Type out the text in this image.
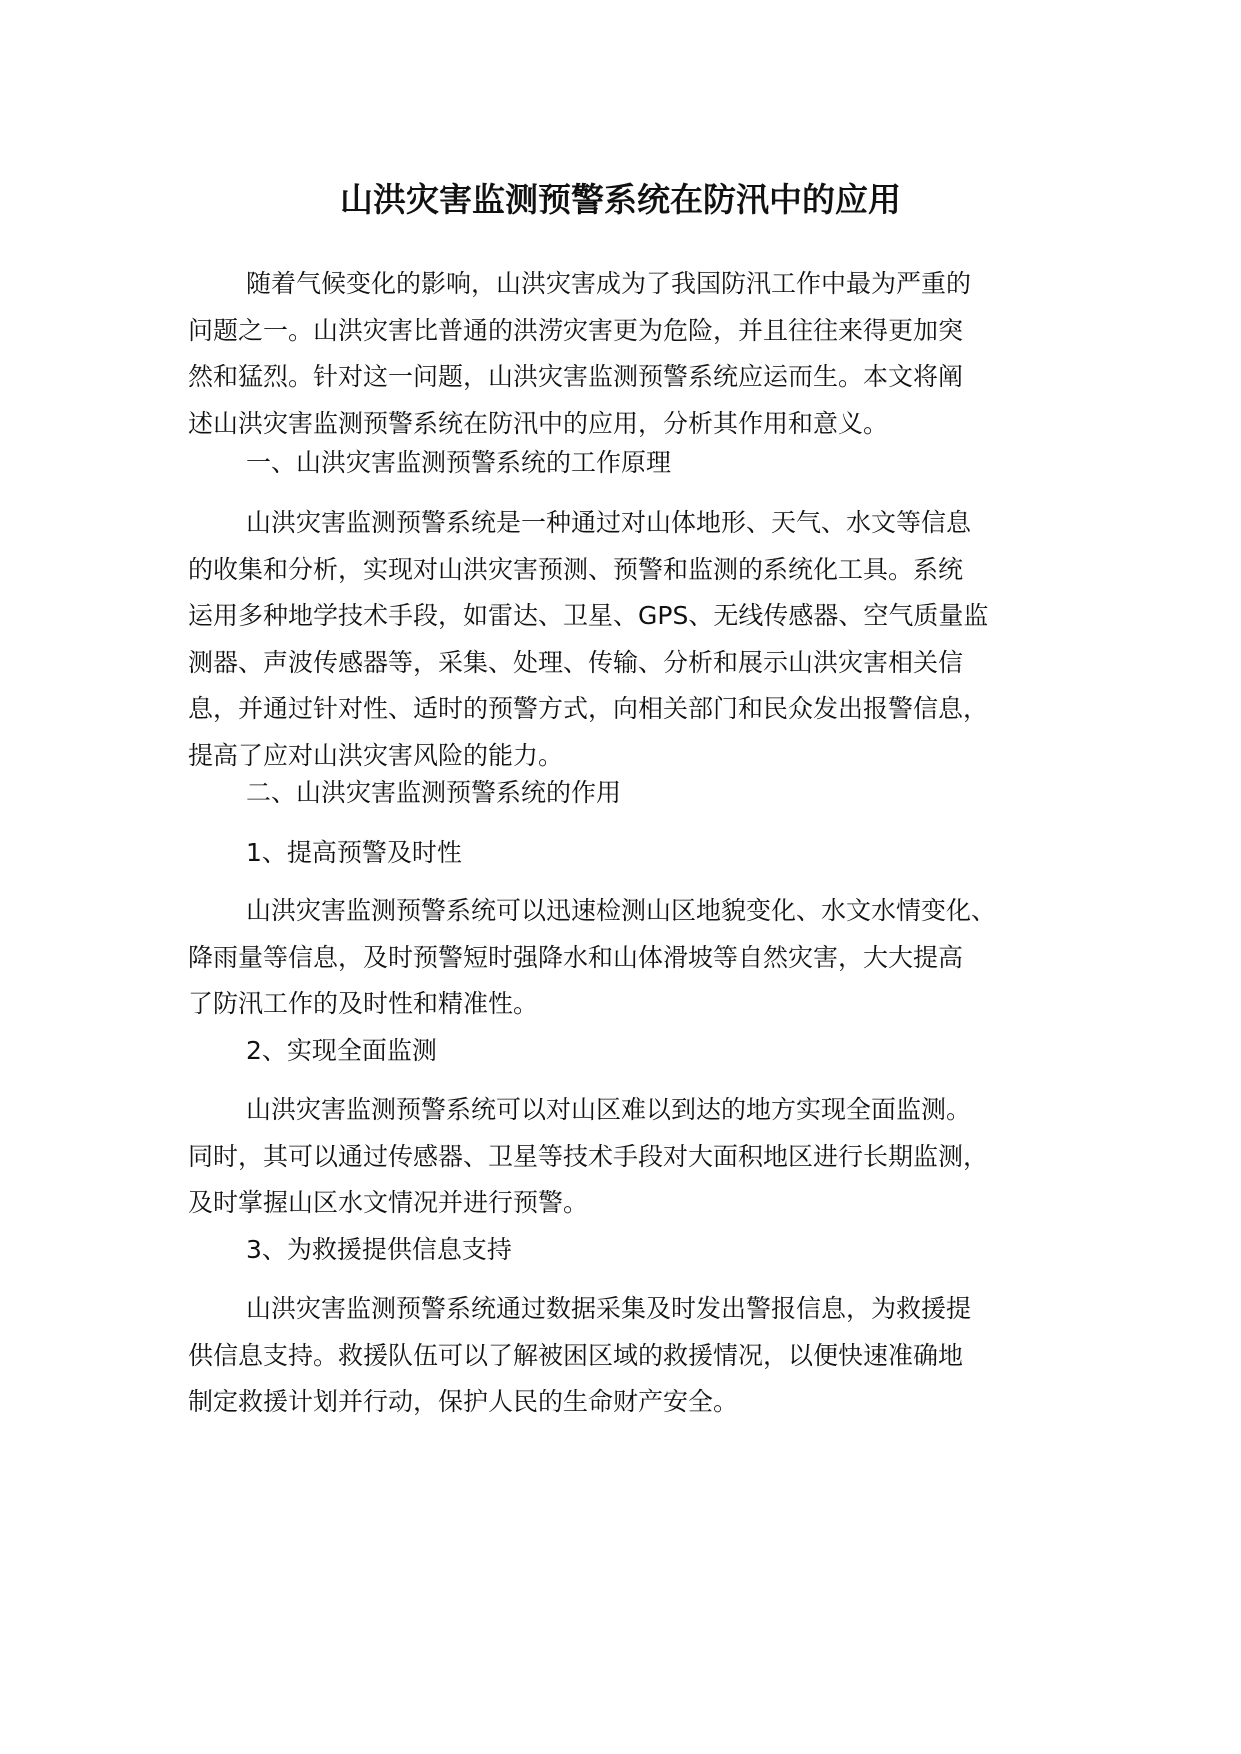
山洪灾害监测预警系统在防汛中的应用
随着气候变化的影响，山洪灾害成为了我国防汛工作中最为严重的
问题之一。山洪灾害比普通的洪涝灾害更为危险，并且往往来得更加突
然和猛烈。针对这一问题，山洪灾害监测预警系统应运而生。本文将阐
述山洪灾害监测预警系统在防汛中的应用，分析其作用和意义。
一、山洪灾害监测预警系统的工作原理
山洪灾害监测预警系统是一种通过对山体地形、天气、水文等信息
的收集和分析，实现对山洪灾害预测、预警和监测的系统化工具。系统
运用多种地学技术手段，如雷达、卫星、GPS、无线传感器、空气质量监
测器、声波传感器等，采集、处理、传输、分析和展示山洪灾害相关信
息，并通过针对性、适时的预警方式，向相关部门和民众发出报警信息，
提高了应对山洪灾害风险的能力。
二、山洪灾害监测预警系统的作用
1、提高预警及时性
山洪灾害监测预警系统可以迅速检测山区地貌变化、水文水情变化、
降雨量等信息，及时预警短时强降水和山体滑坡等自然灾害，大大提高
了防汛工作的及时性和精准性。
2、实现全面监测
山洪灾害监测预警系统可以对山区难以到达的地方实现全面监测。
同时，其可以通过传感器、卫星等技术手段对大面积地区进行长期监测，
及时掌握山区水文情况并进行预警。
3、为救援提供信息支持
山洪灾害监测预警系统通过数据采集及时发出警报信息，为救援提
供信息支持。救援队伍可以了解被困区域的救援情况，以便快速准确地
制定救援计划并行动，保护人民的生命财产安全。
